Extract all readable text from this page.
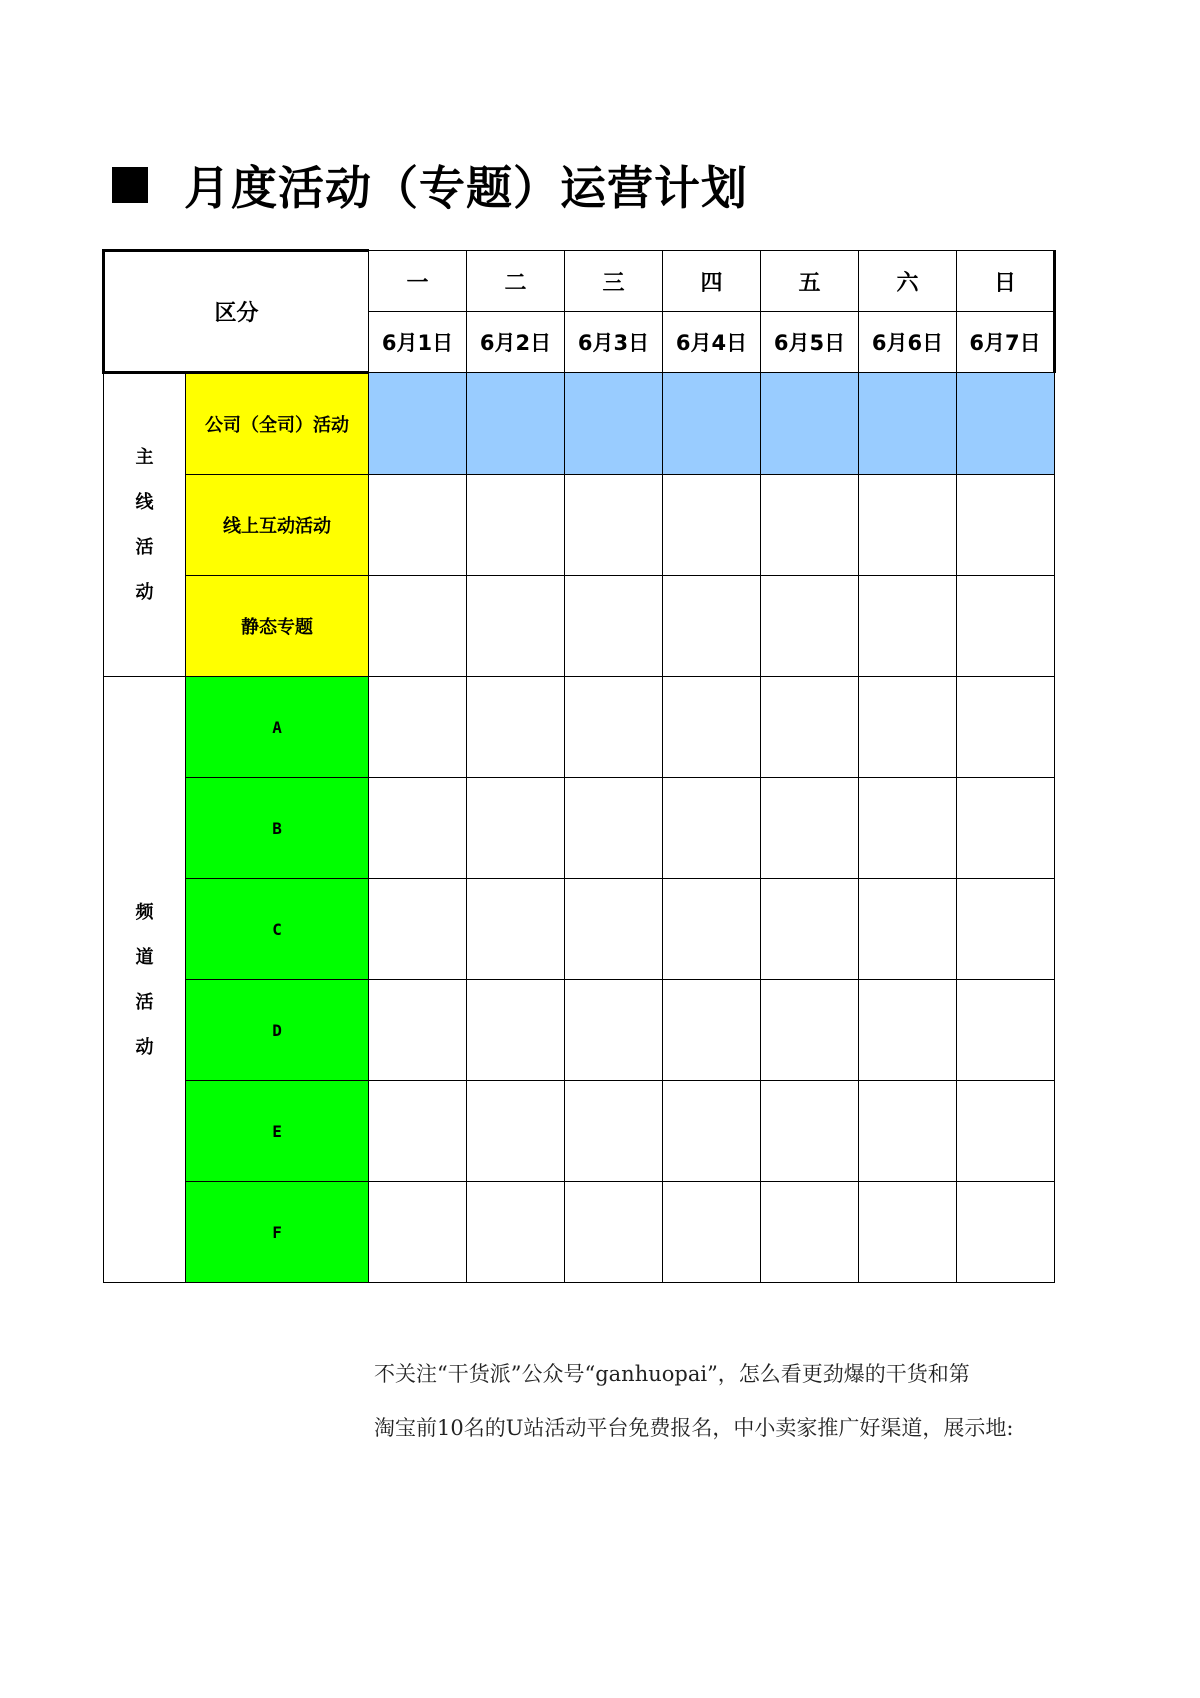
月度活动（专题）运营计划
区分		一	二	三	四	五	六	日
		6月1日	6月2日	6月3日	6月4日	6月5日	6月6日	6月7日

主线活动	公司（全司）活动							
	线上互动活动							
	静态专题							

频道活动	A							
	B							
	C							
	D							
	E							
	F							
不关注“干货派”公众号“ganhuopai”，怎么看更劲爆的干货和第
淘宝前10名的U站活动平台免费报名，中小卖家推广好渠道，展示地:
